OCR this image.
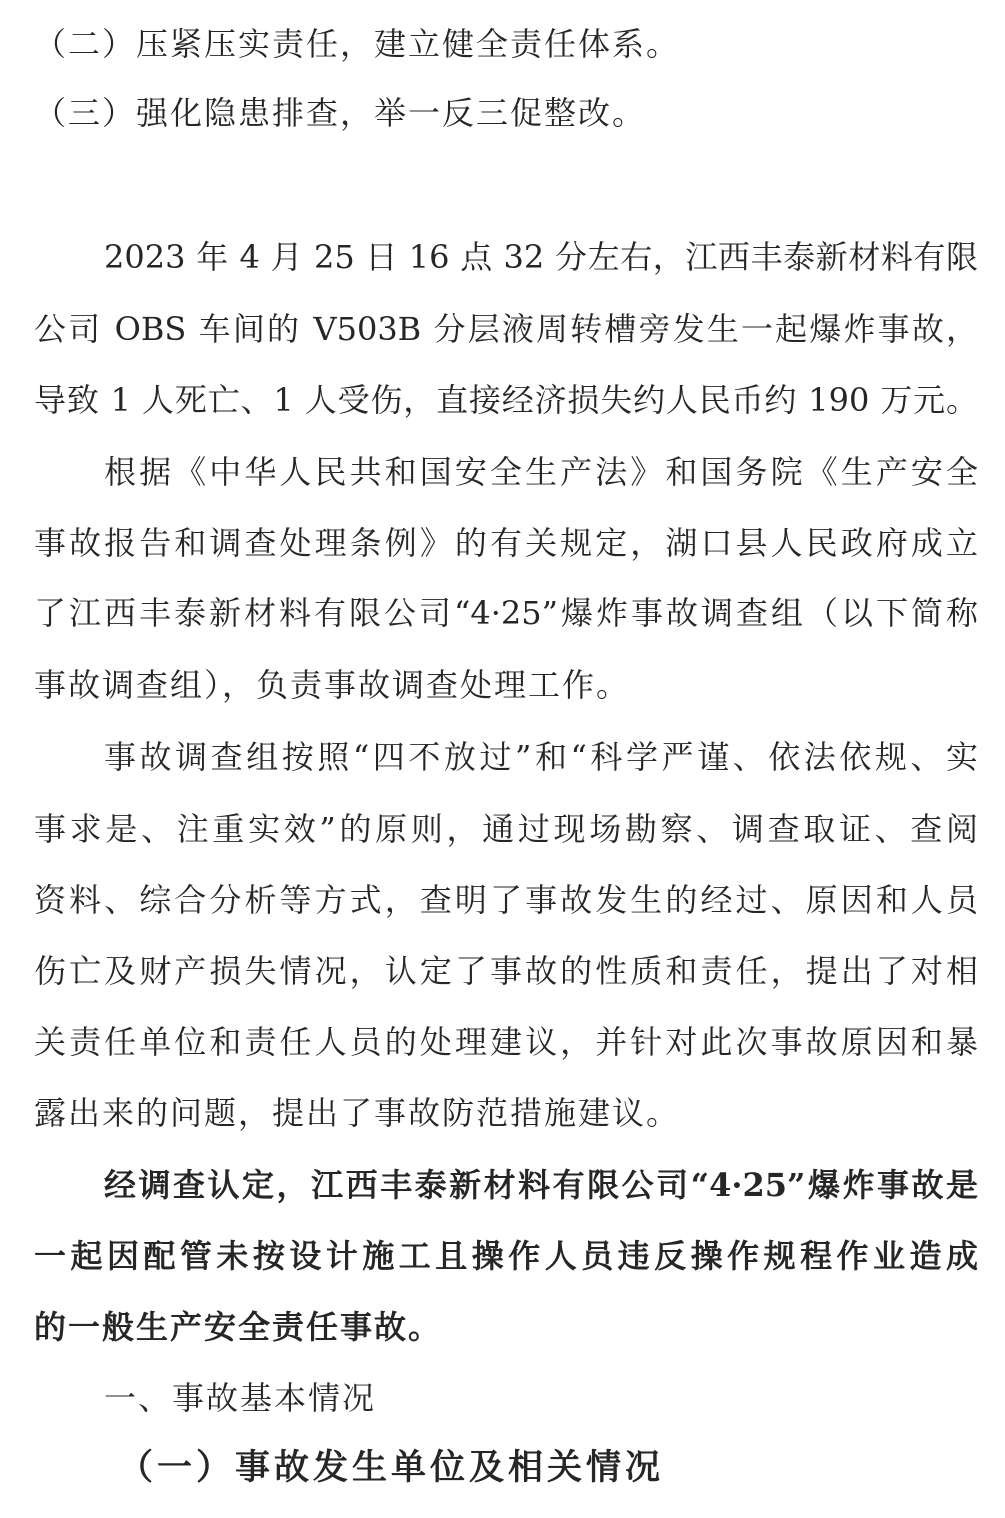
（二）压紧压实责任，建立健全责任体系。
（三）强化隐患排查，举一反三促整改。
2023 年 4 月 25 日 16 点 32 分左右，江西丰泰新材料有限
公司 OBS 车间的 V503B 分层液周转槽旁发生一起爆炸事故，
导致 1 人死亡、1 人受伤，直接经济损失约人民币约 190 万元。
根据《中华人民共和国安全生产法》和国务院《生产安全
事故报告和调查处理条例》的有关规定，湖口县人民政府成立
了江西丰泰新材料有限公司“4·25”爆炸事故调查组（以下简称
事故调查组），负责事故调查处理工作。
事故调查组按照“四不放过”和“科学严谨、依法依规、实
事求是、注重实效”的原则，通过现场勘察、调查取证、查阅
资料、综合分析等方式，查明了事故发生的经过、原因和人员
伤亡及财产损失情况，认定了事故的性质和责任，提出了对相
关责任单位和责任人员的处理建议，并针对此次事故原因和暴
露出来的问题，提出了事故防范措施建议。
经调查认定，江西丰泰新材料有限公司“4·25”爆炸事故是
一起因配管未按设计施工且操作人员违反操作规程作业造成
的一般生产安全责任事故。
一、事故基本情况
（一）事故发生单位及相关情况
